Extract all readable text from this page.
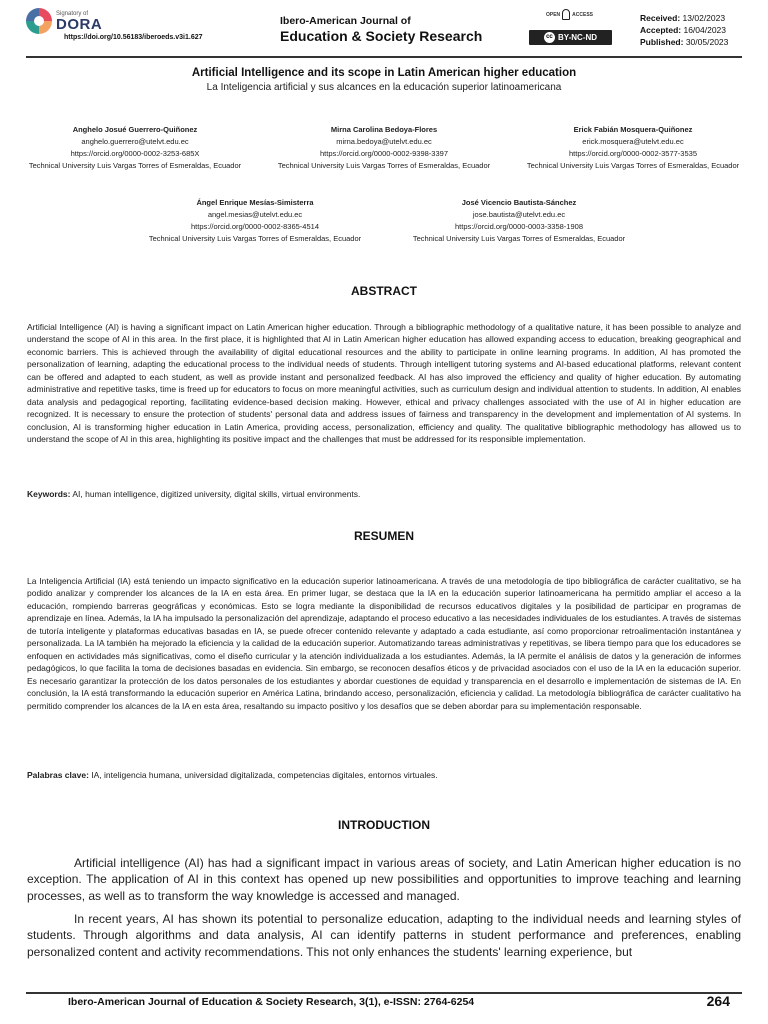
Signatory of
DORA
https://doi.org/10.56183/iberoeds.v3i1.627
Ibero-American Journal of
Education & Society Research
OPEN ACCESS
cc BY-NC-ND
Received: 13/02/2023
Accepted: 16/04/2023
Published: 30/05/2023
Artificial Intelligence and its scope in Latin American higher education
La Inteligencia artificial y sus alcances en la educación superior latinoamericana
Anghelo Josué Guerrero-Quiñonez
anghelo.guerrero@utelvt.edu.ec
https://orcid.org/0000-0002-3253-685X
Technical University Luis Vargas Torres of Esmeraldas, Ecuador
Mirna Carolina Bedoya-Flores
mirna.bedoya@utelvt.edu.ec
https://orcid.org/0000-0002-9398-3397
Technical University Luis Vargas Torres of Esmeraldas, Ecuador
Erick Fabián Mosquera-Quiñonez
erick.mosquera@utelvt.edu.ec
https://orcid.org/0000-0002-3577-3535
Technical University Luis Vargas Torres of Esmeraldas, Ecuador
Ángel Enrique Mesías-Simisterra
angel.mesias@utelvt.edu.ec
https://orcid.org/0000-0002-8365-4514
Technical University Luis Vargas Torres of Esmeraldas, Ecuador
José Vicencio Bautista-Sánchez
jose.bautista@utelvt.edu.ec
https://orcid.org/0000-0003-3358-1908
Technical University Luis Vargas Torres of Esmeraldas, Ecuador
ABSTRACT

Artificial Intelligence (AI) is having a significant impact on Latin American higher education. Through a bibliographic methodology of a qualitative nature, it has been possible to analyze and understand the scope of AI in this area. In the first place, it is highlighted that AI in Latin American higher education has allowed expanding access to education, breaking geographical and economic barriers. This is achieved through the availability of digital educational resources and the ability to participate in online learning programs. In addition, AI has promoted the personalization of learning, adapting the educational process to the individual needs of students. Through intelligent tutoring systems and AI-based educational platforms, relevant content can be offered and adapted to each student, as well as provide instant and personalized feedback. AI has also improved the efficiency and quality of higher education. By automating administrative and repetitive tasks, time is freed up for educators to focus on more meaningful activities, such as curriculum design and individual attention to students. In addition, AI enables data analysis and pedagogical reporting, facilitating evidence-based decision making. However, ethical and privacy challenges associated with the use of AI in higher education are recognized. It is necessary to ensure the protection of students' personal data and address issues of fairness and transparency in the development and implementation of AI systems. In conclusion, AI is transforming higher education in Latin America, providing access, personalization, efficiency and quality. The qualitative bibliographic methodology has allowed us to understand the scope of AI in this area, highlighting its positive impact and the challenges that must be addressed for its responsible implementation.

Keywords: AI, human intelligence, digitized university, digital skills, virtual environments.

RESUMEN

La Inteligencia Artificial (IA) está teniendo un impacto significativo en la educación superior latinoamericana. A través de una metodología de tipo bibliográfica de carácter cualitativo, se ha podido analizar y comprender los alcances de la IA en esta área. En primer lugar, se destaca que la IA en la educación superior latinoamericana ha permitido ampliar el acceso a la educación, rompiendo barreras geográficas y económicas. Esto se logra mediante la disponibilidad de recursos educativos digitales y la posibilidad de participar en programas de aprendizaje en línea. Además, la IA ha impulsado la personalización del aprendizaje, adaptando el proceso educativo a las necesidades individuales de los estudiantes. A través de sistemas de tutoría inteligente y plataformas educativas basadas en IA, se puede ofrecer contenido relevante y adaptado a cada estudiante, así como proporcionar retroalimentación instantánea y personalizada. La IA también ha mejorado la eficiencia y la calidad de la educación superior. Automatizando tareas administrativas y repetitivas, se libera tiempo para que los educadores se enfoquen en actividades más significativas, como el diseño curricular y la atención individualizada a los estudiantes. Además, la IA permite el análisis de datos y la generación de informes pedagógicos, lo que facilita la toma de decisiones basadas en evidencia. Sin embargo, se reconocen desafíos éticos y de privacidad asociados con el uso de la IA en la educación superior. Es necesario garantizar la protección de los datos personales de los estudiantes y abordar cuestiones de equidad y transparencia en el desarrollo e implementación de sistemas de IA. En conclusión, la IA está transformando la educación superior en América Latina, brindando acceso, personalización, eficiencia y calidad. La metodología bibliográfica de carácter cualitativo ha permitido comprender los alcances de la IA en esta área, resaltando su impacto positivo y los desafíos que se deben abordar para su implementación responsable.

Palabras clave: IA, inteligencia humana, universidad digitalizada, competencias digitales, entornos virtuales.

INTRODUCTION

Artificial intelligence (AI) has had a significant impact in various areas of society, and Latin American higher education is no exception. The application of AI in this context has opened up new possibilities and opportunities to improve teaching and learning processes, as well as to transform the way knowledge is accessed and managed.

In recent years, AI has shown its potential to personalize education, adapting to the individual needs and learning styles of students. Through algorithms and data analysis, AI can identify patterns in student performance and preferences, enabling personalized content and activity recommendations. This not only enhances the students' learning experience, but

Ibero-American Journal of Education & Society Research, 3(1), e-ISSN: 2764-6254	264
